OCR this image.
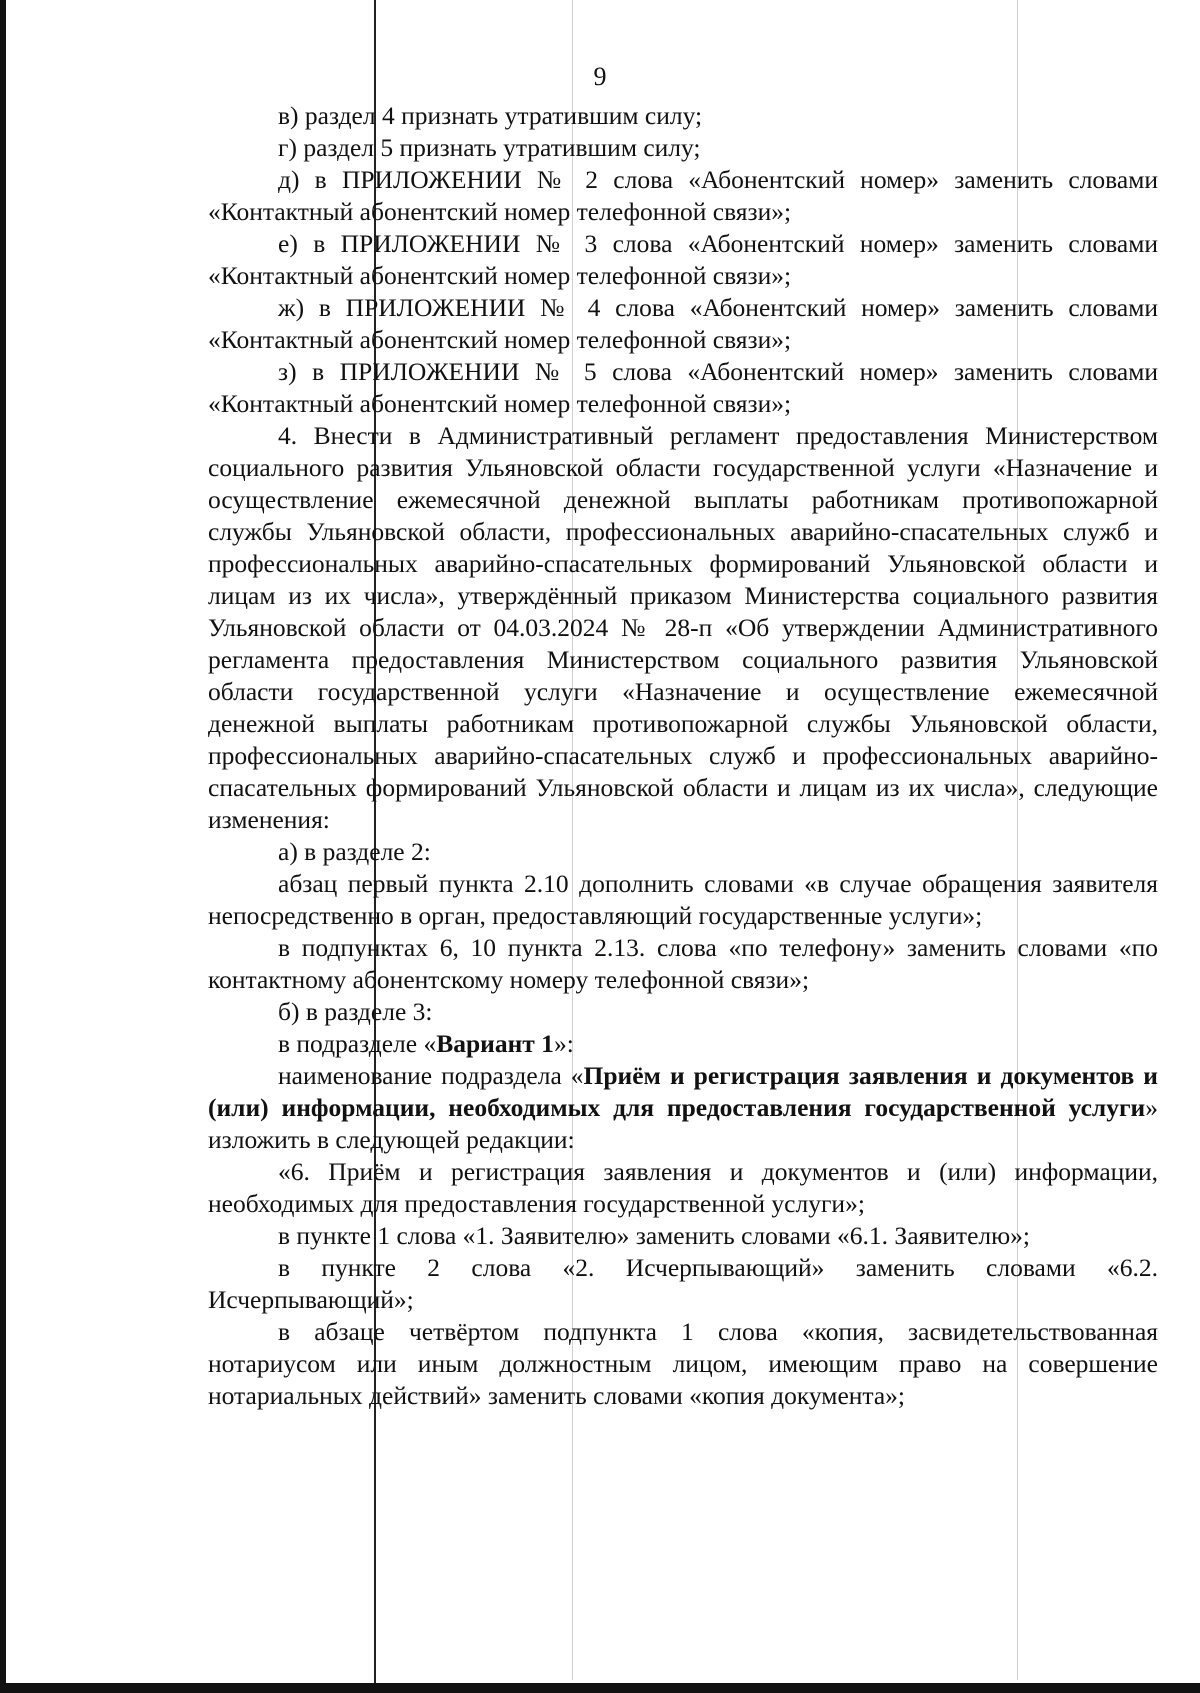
9

в) раздел 4 признать утратившим силу;

г) раздел 5 признать утратившим силу;

д) в ПРИЛОЖЕНИИ № 2 слова «Абонентский номер» заменить словами «Контактный абонентский номер телефонной связи»;

е) в ПРИЛОЖЕНИИ № 3 слова «Абонентский номер» заменить словами «Контактный абонентский номер телефонной связи»;

ж) в ПРИЛОЖЕНИИ № 4 слова «Абонентский номер» заменить словами «Контактный абонентский номер телефонной связи»;

з) в ПРИЛОЖЕНИИ № 5 слова «Абонентский номер» заменить словами «Контактный абонентский номер телефонной связи»;

4. Внести в Административный регламент предоставления Министерством социального развития Ульяновской области государственной услуги «Назначение и осуществление ежемесячной денежной выплаты работникам противопожарной службы Ульяновской области, профессиональных аварийно-спасательных служб и профессиональных аварийно-спасательных формирований Ульяновской области и лицам из их числа», утверждённый приказом Министерства социального развития Ульяновской области от 04.03.2024 № 28-п «Об утверждении Административного регламента предоставления Министерством социального развития Ульяновской области государственной услуги «Назначение и осуществление ежемесячной денежной выплаты работникам противопожарной службы Ульяновской области, профессиональных аварийно-спасательных служб и профессиональных аварийно-спасательных формирований Ульяновской области и лицам из их числа», следующие изменения:

а) в разделе 2:

абзац первый пункта 2.10 дополнить словами «в случае обращения заявителя непосредственно в орган, предоставляющий государственные услуги»;

в подпунктах 6, 10 пункта 2.13. слова «по телефону» заменить словами «по контактному абонентскому номеру телефонной связи»;

б) в разделе 3:

в подразделе «Вариант 1»:

наименование подраздела «Приём и регистрация заявления и документов и (или) информации, необходимых для предоставления государственной услуги» изложить в следующей редакции:

«6. Приём и регистрация заявления и документов и (или) информации, необходимых для предоставления государственной услуги»;

в пункте 1 слова «1. Заявителю» заменить словами «6.1. Заявителю»;

в пункте 2 слова «2. Исчерпывающий» заменить словами «6.2. Исчерпывающий»;

в абзаце четвёртом подпункта 1 слова «копия, засвидетельствованная нотариусом или иным должностным лицом, имеющим право на совершение нотариальных действий» заменить словами «копия документа»;
